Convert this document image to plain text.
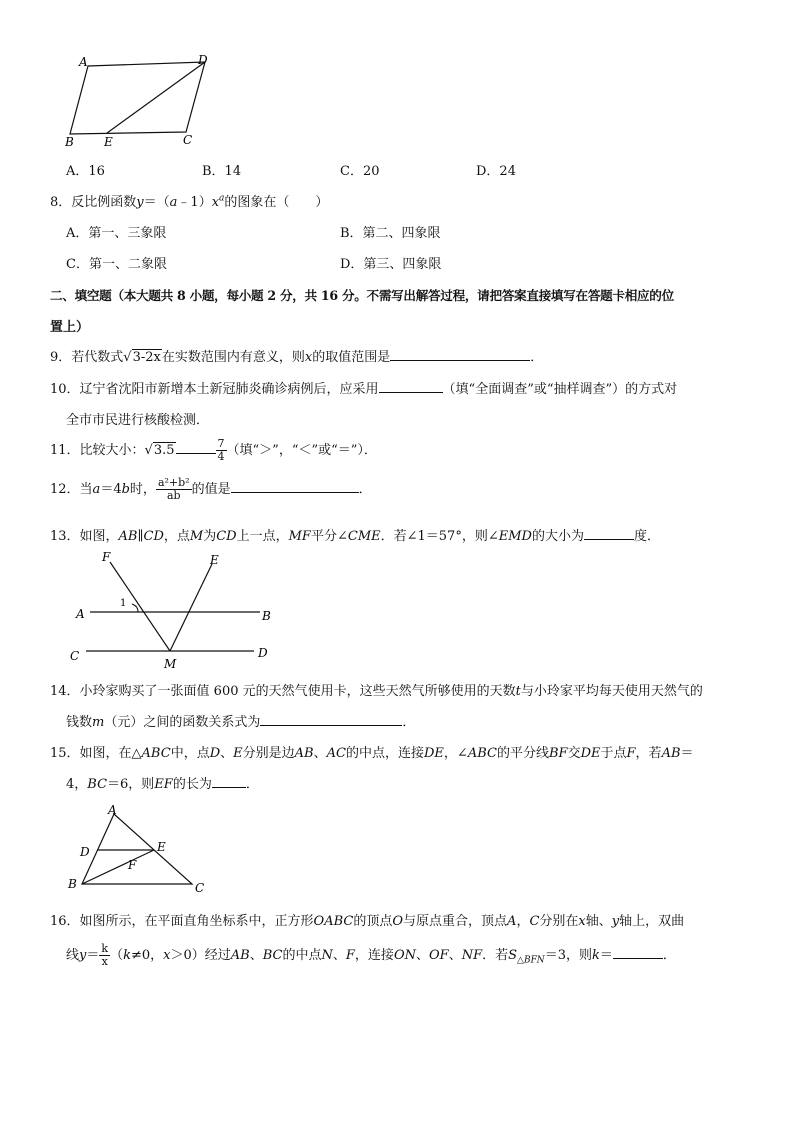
A	D
B	E	C
A．16	B．14	C．20	D．24
8．反比例函数$y=(a﹣1)x^a$的图象在（　　）
A．第一、三象限	B．第二、四象限
C．第一、二象限	D．第三、四象限
二、填空题（本大题共 8 小题，每小题 2 分，共 16 分。不需写出解答过程，请把答案直接填写在答题卡相应的位
置上）
9．若代数式√3-2x在实数范围内有意义，则x的取值范围是	．
10．辽宁省沈阳市新增本土新冠肺炎确诊病例后，应采用	（填“全面调查”或“抽样调查”）的方式对
全市市民进行核酸检测．
11．比较大小：√3.5	$\frac{7}{4}$ （填“＞”，“＜”或“＝”）．
12．当a＝4b时， $\frac{\text{a²+b²}}{ab}$ 的值是	．
13．如图，AB∥CD，点M为CD上一点，MF平分∠CME．若∠1＝57°，则∠EMD的大小为	度．
F	E
A	B
C	D
M
1
14．小玲家购买了一张面值 600 元的天然气使用卡，这些天然气所够使用的天数t与小玲家平均每天使用天然气的
钱数m（元）之间的函数关系式为	．
15．如图，在△ABC中，点D、E分别是边AB、AC的中点，连接DE，∠ABC的平分线BF交DE于点F，若AB＝
4，BC＝6，则EF的长为	．
A
D	E
F
B	C
16．如图所示，在平面直角坐标系中，正方形OABC的顶点O与原点重合，顶点A，C分别在x轴、y轴上，双曲
线$y= \frac{k}{x} (k\ne 0$，x＞0）经过AB、BC的中点N、F，连接ON、OF、NF．若$S_{\triangle BFN}=3$，则k＝	．
